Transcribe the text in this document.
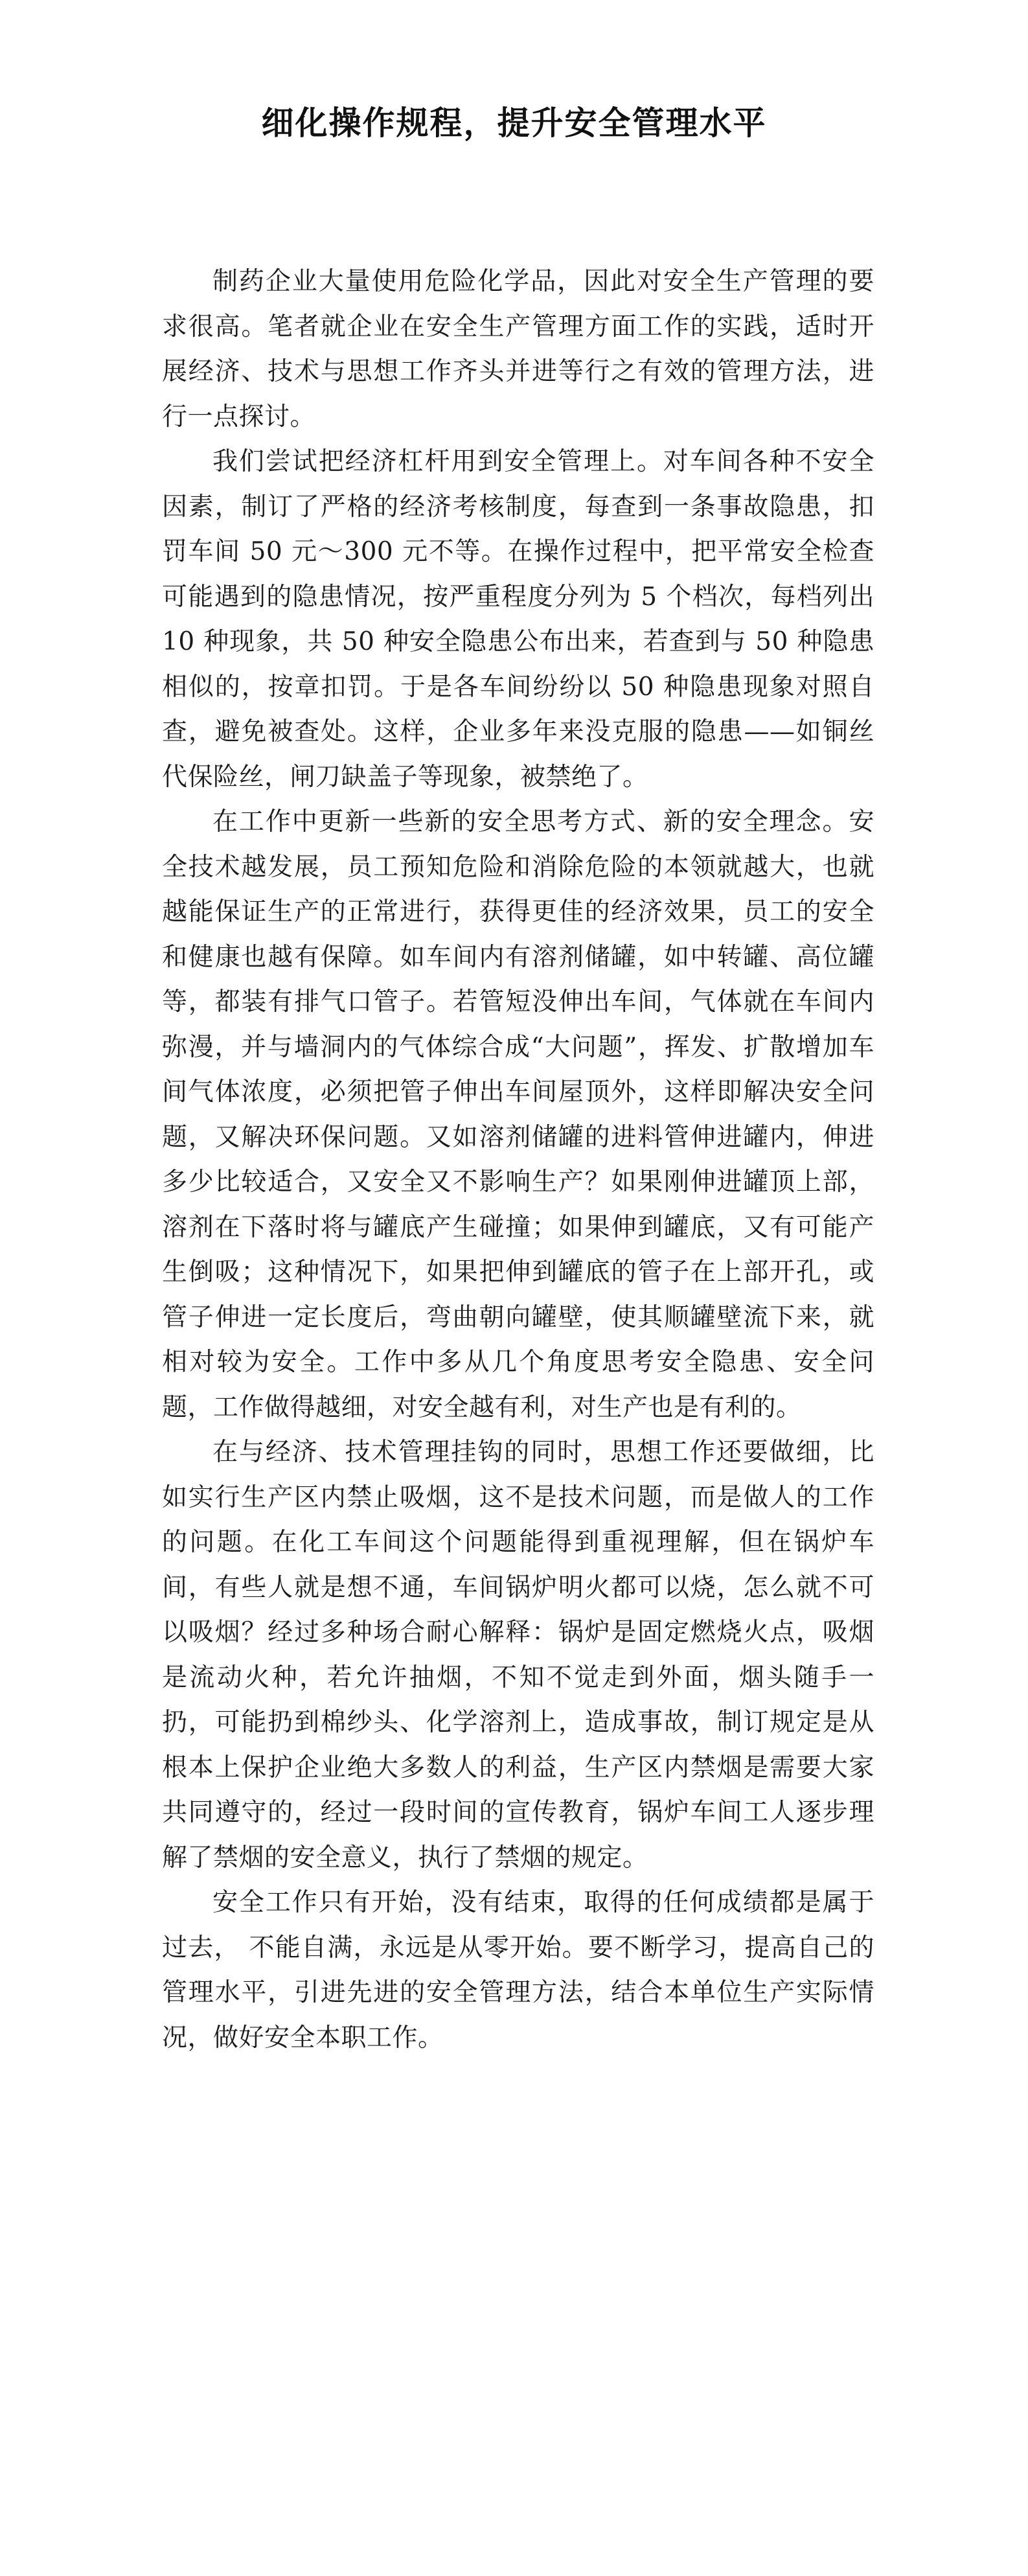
细化操作规程，提升安全管理水平

制药企业大量使用危险化学品，因此对安全生产管理的要求很高。笔者就企业在安全生产管理方面工作的实践，适时开展经济、技术与思想工作齐头并进等行之有效的管理方法，进行一点探讨。

我们尝试把经济杠杆用到安全管理上。对车间各种不安全因素，制订了严格的经济考核制度，每查到一条事故隐患，扣罚车间 50 元～300 元不等。在操作过程中，把平常安全检查可能遇到的隐患情况，按严重程度分列为 5 个档次，每档列出 10 种现象，共 50 种安全隐患公布出来，若查到与 50 种隐患相似的，按章扣罚。于是各车间纷纷以 50 种隐患现象对照自查，避免被查处。这样，企业多年来没克服的隐患——如铜丝代保险丝，闸刀缺盖子等现象，被禁绝了。

在工作中更新一些新的安全思考方式、新的安全理念。安全技术越发展，员工预知危险和消除危险的本领就越大，也就越能保证生产的正常进行，获得更佳的经济效果，员工的安全和健康也越有保障。如车间内有溶剂储罐，如中转罐、高位罐等，都装有排气口管子。若管短没伸出车间，气体就在车间内弥漫，并与墙洞内的气体综合成“大问题”，挥发、扩散增加车间气体浓度，必须把管子伸出车间屋顶外，这样即解决安全问题，又解决环保问题。又如溶剂储罐的进料管伸进罐内，伸进多少比较适合，又安全又不影响生产？如果刚伸进罐顶上部，溶剂在下落时将与罐底产生碰撞；如果伸到罐底，又有可能产生倒吸；这种情况下，如果把伸到罐底的管子在上部开孔，或管子伸进一定长度后，弯曲朝向罐壁，使其顺罐壁流下来，就相对较为安全。工作中多从几个角度思考安全隐患、安全问题，工作做得越细，对安全越有利，对生产也是有利的。

在与经济、技术管理挂钩的同时，思想工作还要做细，比如实行生产区内禁止吸烟，这不是技术问题，而是做人的工作的问题。在化工车间这个问题能得到重视理解，但在锅炉车间，有些人就是想不通，车间锅炉明火都可以烧，怎么就不可以吸烟？经过多种场合耐心解释：锅炉是固定燃烧火点，吸烟是流动火种，若允许抽烟，不知不觉走到外面，烟头随手一扔，可能扔到棉纱头、化学溶剂上，造成事故，制订规定是从根本上保护企业绝大多数人的利益，生产区内禁烟是需要大家共同遵守的，经过一段时间的宣传教育，锅炉车间工人逐步理解了禁烟的安全意义，执行了禁烟的规定。

安全工作只有开始，没有结束，取得的任何成绩都是属于过去， 不能自满，永远是从零开始。要不断学习，提高自己的管理水平，引进先进的安全管理方法，结合本单位生产实际情况，做好安全本职工作。
